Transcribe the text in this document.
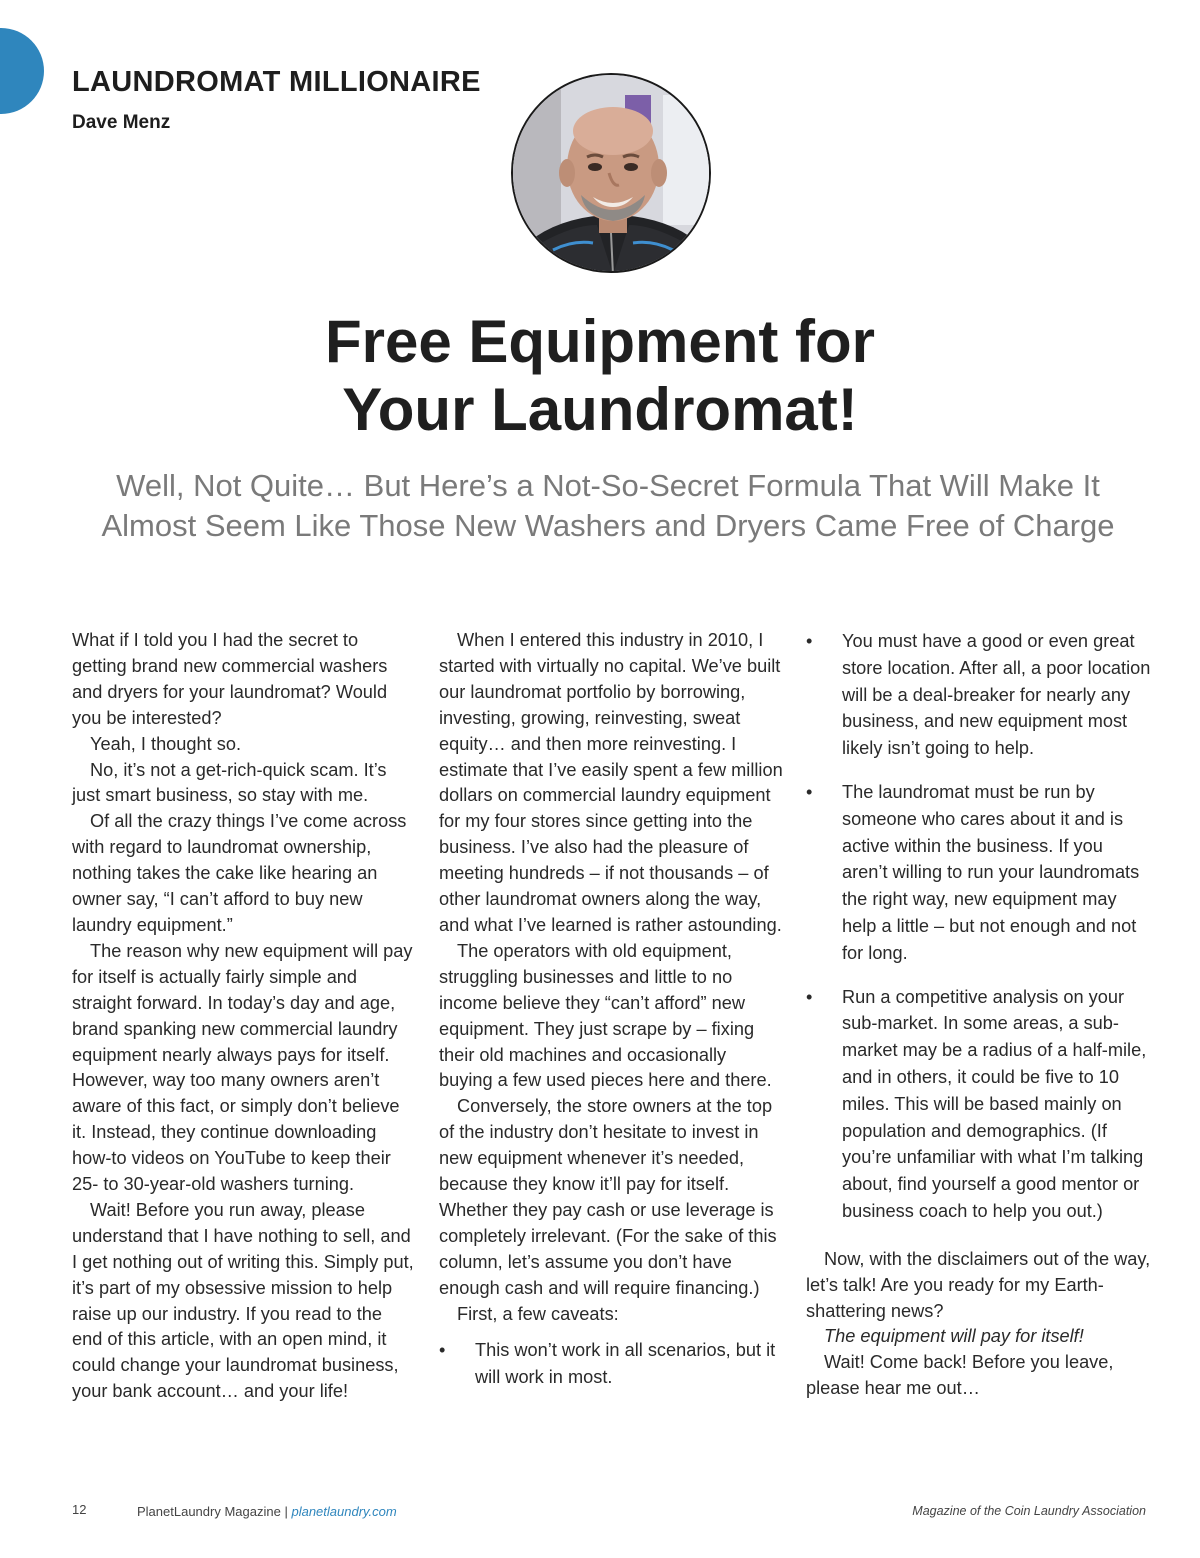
LAUNDROMAT MILLIONAIRE
Dave Menz
Free Equipment for
Your Laundromat!
Well, Not Quite… But Here’s a Not-So-Secret Formula That Will Make It
Almost Seem Like Those New Washers and Dryers Came Free of Charge

What if I told you I had the secret to getting brand new commercial washers and dryers for your laundromat? Would you be interested?

Yeah, I thought so.

No, it’s not a get-rich-quick scam. It’s just smart business, so stay with me.

Of all the crazy things I’ve come across with regard to laundromat ownership, nothing takes the cake like hearing an owner say, “I can’t afford to buy new laundry equipment.”

The reason why new equipment will pay for itself is actually fairly simple and straight forward. In today’s day and age, brand spanking new commercial laundry equipment nearly always pays for itself. However, way too many owners aren’t aware of this fact, or simply don’t believe it. Instead, they continue downloading how-to videos on YouTube to keep their 25- to 30-year-old washers turning.

Wait! Before you run away, please understand that I have nothing to sell, and I get nothing out of writing this. Simply put, it’s part of my obsessive mission to help raise up our industry. If you read to the end of this article, with an open mind, it could change your laundromat business, your bank account… and your life!

When I entered this industry in 2010, I started with virtually no capital. We’ve built our laundromat portfolio by borrowing, investing, growing, reinvesting, sweat equity… and then more reinvesting. I estimate that I’ve easily spent a few million dollars on commercial laundry equipment for my four stores since getting into the business. I’ve also had the pleasure of meeting hundreds – if not thousands – of other laundromat owners along the way, and what I’ve learned is rather astounding.

The operators with old equipment, struggling businesses and little to no income believe they “can’t afford” new equipment. They just scrape by – fixing their old machines and occasionally buying a few used pieces here and there.

Conversely, the store owners at the top of the industry don’t hesitate to invest in new equipment whenever it’s needed, because they know it’ll pay for itself. Whether they pay cash or use leverage is completely irrelevant. (For the sake of this column, let’s assume you don’t have enough cash and will require financing.)

First, a few caveats:

• This won’t work in all scenarios, but it will work in most.
• You must have a good or even great store location. After all, a poor location will be a deal-breaker for nearly any business, and new equipment most likely isn’t going to help.
• The laundromat must be run by someone who cares about it and is active within the business. If you aren’t willing to run your laundromats the right way, new equipment may help a little – but not enough and not for long.
• Run a competitive analysis on your sub-market. In some areas, a sub-market may be a radius of a half-mile, and in others, it could be five to 10 miles. This will be based mainly on population and demographics. (If you’re unfamiliar with what I’m talking about, find yourself a good mentor or business coach to help you out.)

Now, with the disclaimers out of the way, let’s talk! Are you ready for my Earth-shattering news?

The equipment will pay for itself!

Wait! Come back! Before you leave, please hear me out…

12	PlanetLaundry Magazine | planetlaundry.com	Magazine of the Coin Laundry Association
